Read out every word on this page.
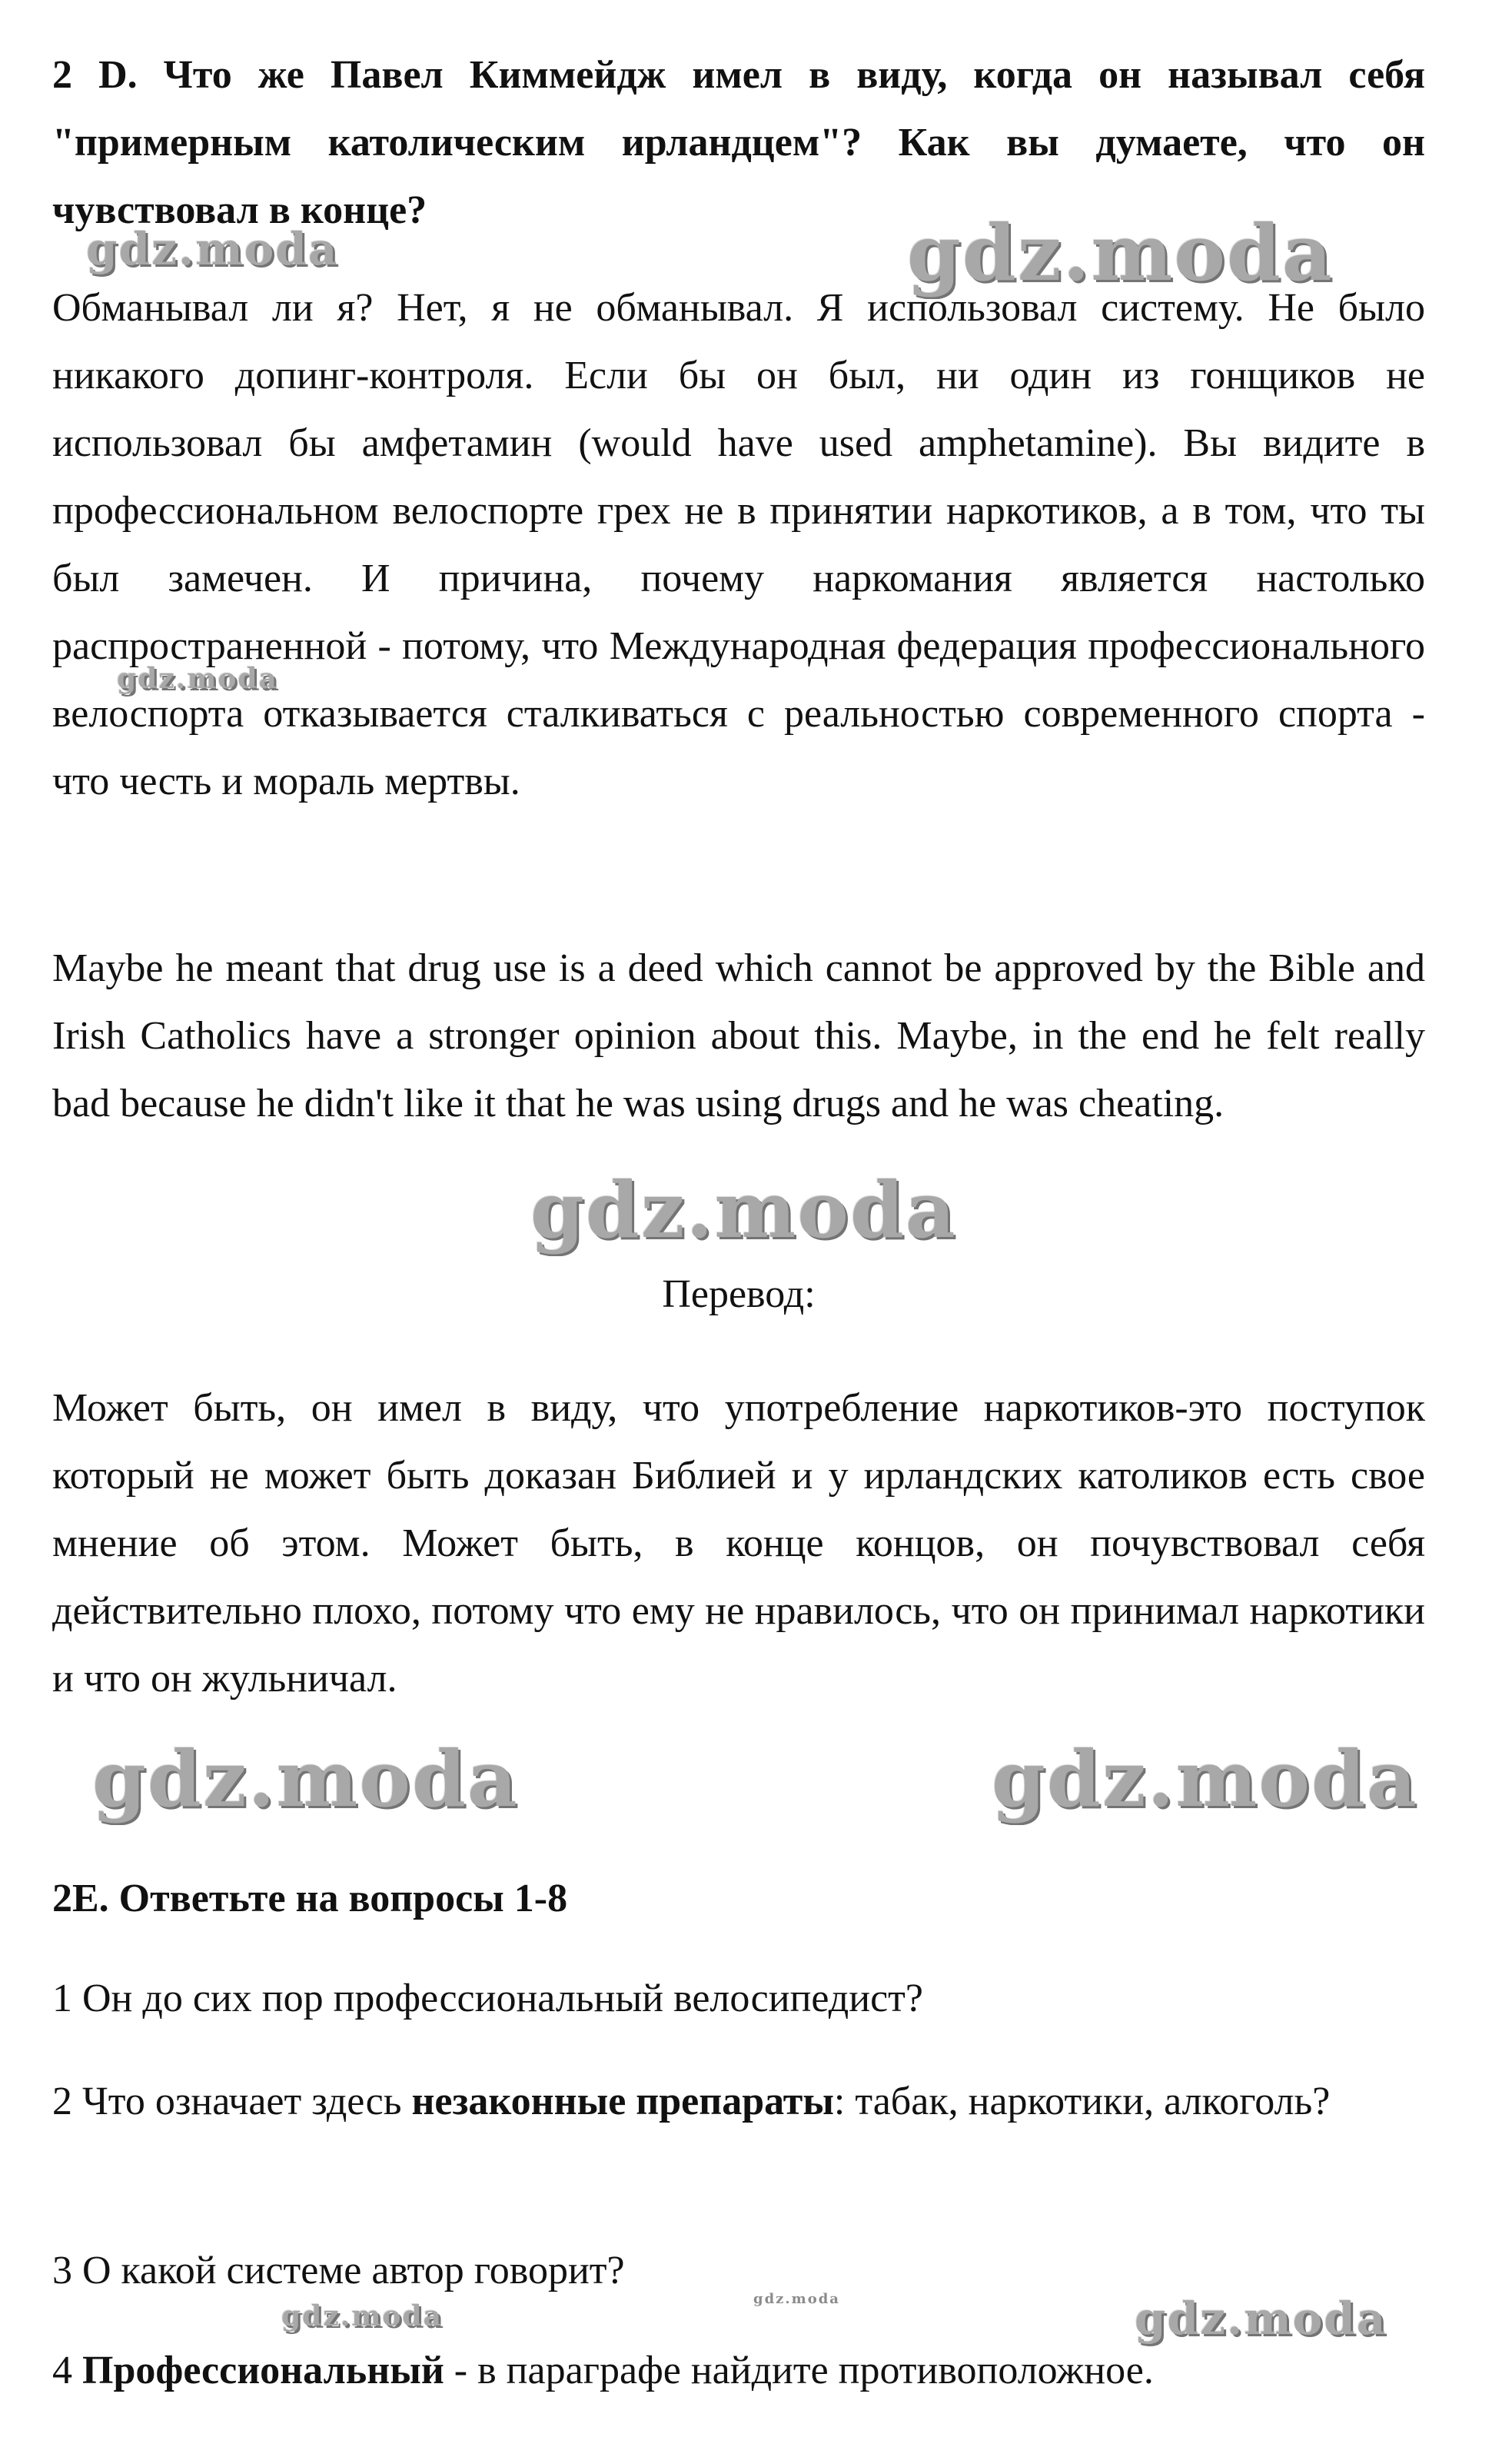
2 D. Что же Павел Киммейдж имел в виду, когда он называл себя "примерным католическим ирландцем"? Как вы думаете, что он чувствовал в конце?

Обманывал ли я? Нет, я не обманывал. Я использовал систему. Не было никакого допинг-контроля. Если бы он был, ни один из гонщиков не использовал бы амфетамин (would have used amphetamine). Вы видите в профессиональном велоспорте грех не в принятии наркотиков, а в том, что ты был замечен. И причина, почему наркомания является настолько распространенной - потому, что Международная федерация профессионального велоспорта отказывается сталкиваться с реальностью современного спорта - что честь и мораль мертвы.

Maybe he meant that drug use is a deed which cannot be approved by the Bible and Irish Catholics have a stronger opinion about this. Maybe, in the end he felt really bad because he didn't like it that he was using drugs and he was cheating.

Перевод:

Может быть, он имел в виду, что употребление наркотиков-это поступок который не может быть доказан Библией и у ирландских католиков есть свое мнение об этом. Может быть, в конце концов, он почувствовал себя действительно плохо, потому что ему не нравилось, что он принимал наркотики и что он жульничал.

2E. Ответьте на вопросы 1-8

1 Он до сих пор профессиональный велосипедист?

2 Что означает здесь незаконные препараты: табак, наркотики, алкоголь?

3 О какой системе автор говорит?

4 Профессиональный - в параграфе найдите противоположное.

gdz.moda	gdz.moda
gdz.moda
gdz.moda
gdz.moda	gdz.moda
gdz.moda
gdz.moda	gdz.moda
